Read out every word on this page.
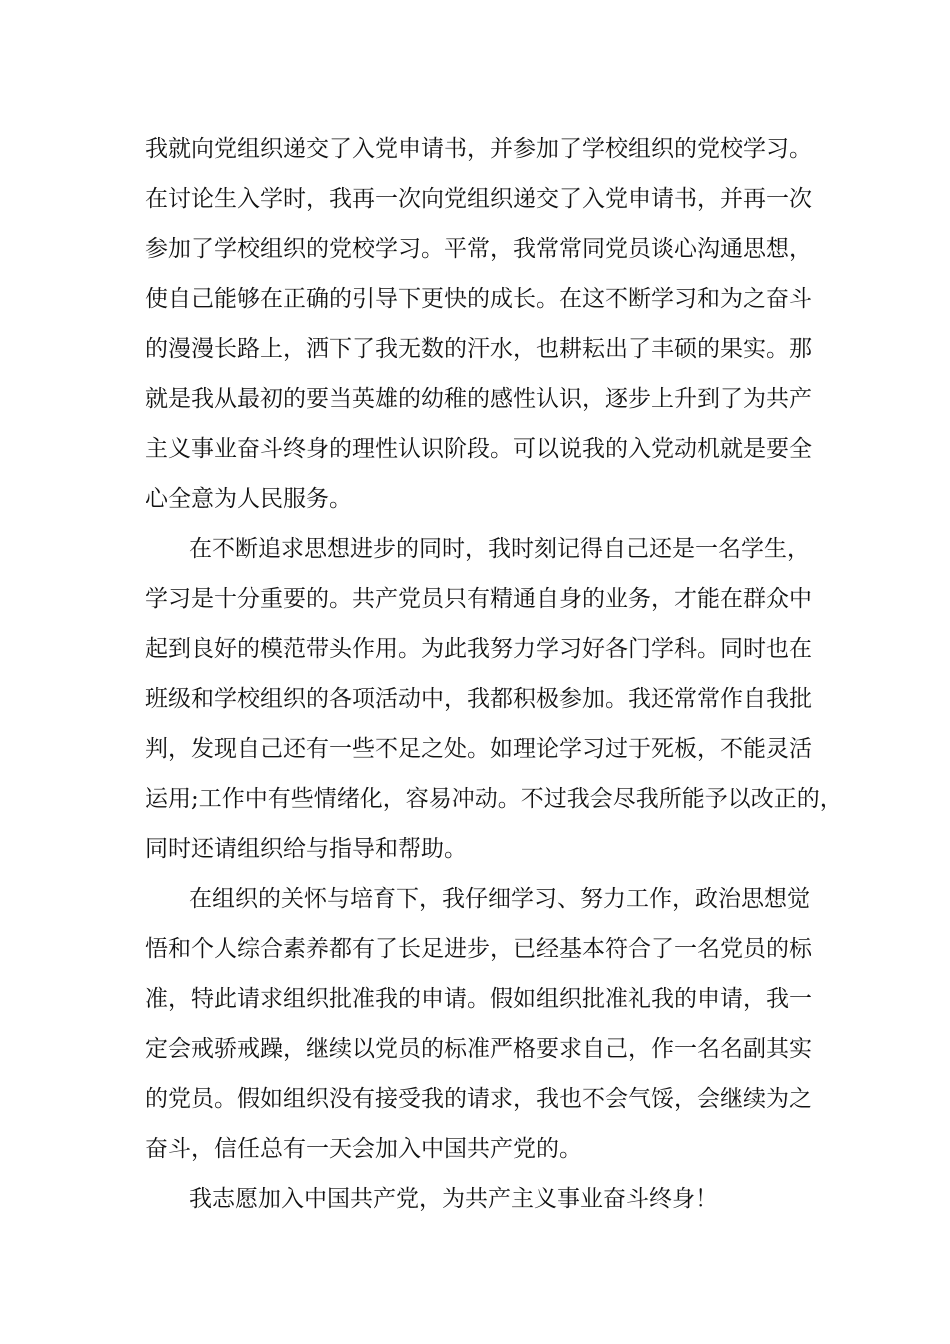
我就向党组织递交了入党申请书，并参加了学校组织的党校学习。
在讨论生入学时，我再一次向党组织递交了入党申请书，并再一次
参加了学校组织的党校学习。平常，我常常同党员谈心沟通思想，
使自己能够在正确的引导下更快的成长。在这不断学习和为之奋斗
的漫漫长路上，洒下了我无数的汗水，也耕耘出了丰硕的果实。那
就是我从最初的要当英雄的幼稚的感性认识，逐步上升到了为共产
主义事业奋斗终身的理性认识阶段。可以说我的入党动机就是要全
心全意为人民服务。
在不断追求思想进步的同时，我时刻记得自己还是一名学生，
学习是十分重要的。共产党员只有精通自身的业务，才能在群众中
起到良好的模范带头作用。为此我努力学习好各门学科。同时也在
班级和学校组织的各项活动中，我都积极参加。我还常常作自我批
判，发现自己还有一些不足之处。如理论学习过于死板，不能灵活
运用;工作中有些情绪化，容易冲动。不过我会尽我所能予以改正的，
同时还请组织给与指导和帮助。
在组织的关怀与培育下，我仔细学习、努力工作，政治思想觉
悟和个人综合素养都有了长足进步，已经基本符合了一名党员的标
准，特此请求组织批准我的申请。假如组织批准礼我的申请，我一
定会戒骄戒躁，继续以党员的标准严格要求自己，作一名名副其实
的党员。假如组织没有接受我的请求，我也不会气馁，会继续为之
奋斗，信任总有一天会加入中国共产党的。
我志愿加入中国共产党，为共产主义事业奋斗终身！
